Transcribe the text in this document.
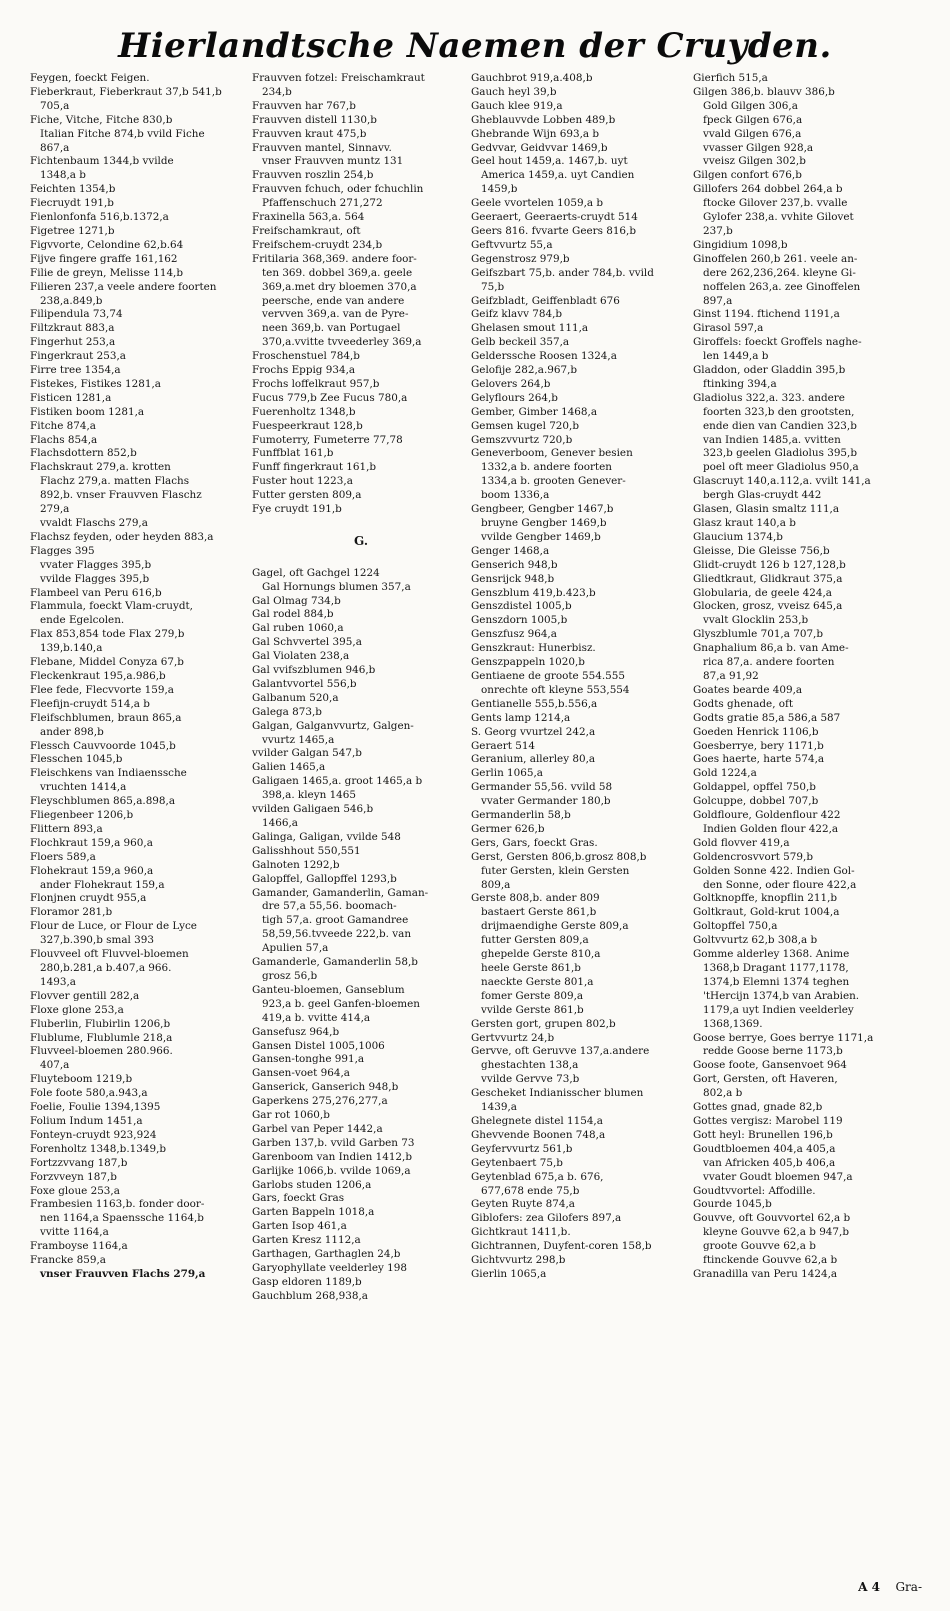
Hierlandtsche Naemen der Cruyden.
Feygen, foeckt Feigen.
Fieberkraut, Fieberkraut 37,b 541,b
705,a
Fiche, Vitche, Fitche 830,b
Italian Fitche 874,b vvild Fiche
867,a
Fichtenbaum 1344,b vvilde
1348,a b
Feichten 1354,b
Fiecruydt 191,b
Fienlonfonfa 516,b.1372,a
Figetree 1271,b
Figvvorte, Celondine 62,b.64
Fijve fingere graffe 161,162
Filie de greyn, Melisse 114,b
Filieren 237,a veele andere foorten
238,a.849,b
Filipendula 73,74
Filtzkraut 883,a
Fingerhut 253,a
Fingerkraut 253,a
Firre tree 1354,a
Fistekes, Fistikes 1281,a
Fisticen 1281,a
Fistiken boom 1281,a
Fitche 874,a
Flachs 854,a
Flachsdottern 852,b
Flachskraut 279,a. krotten
Flachz 279,a. matten Flachs
892,b. vnser Frauvven Flaschz
279,a
vvaldt Flaschs 279,a
Flachsz feyden, oder heyden 883,a
Flagges 395
vvater Flagges 395,b
vvilde Flagges 395,b
Flambeel van Peru 616,b
Flammula, foeckt Vlam-cruydt,
ende Egelcolen.
Flax 853,854 tode Flax 279,b
139,b.140,a
Flebane, Middel Conyza 67,b
Fleckenkraut 195,a.986,b
Flee fede, Flecvvorte 159,a
Fleefijn-cruydt 514,a b
Fleifschblumen, braun 865,a
ander 898,b
Flessch Cauvvoorde 1045,b
Flesschen 1045,b
Fleischkens van Indiaenssche
vruchten 1414,a
Fleyschblumen 865,a.898,a
Fliegenbeer 1206,b
Flittern 893,a
Flochkraut 159,a 960,a
Floers 589,a
Flohekraut 159,a 960,a
ander Flohekraut 159,a
Flonjnen cruydt 955,a
Floramor 281,b
Flour de Luce, or Flour de Lyce
327,b.390,b smal 393
Flouvveel oft Fluvvel-bloemen
280,b.281,a b.407,a 966.
1493,a
Flovver gentill 282,a
Floxe glone 253,a
Fluberlin, Flubirlin 1206,b
Flublume, Flublumle 218,a
Fluvveel-bloemen 280.966.
407,a
Fluyteboom 1219,b
Fole foote 580,a.943,a
Foelie, Foulie 1394,1395
Folium Indum 1451,a
Fonteyn-cruydt 923,924
Forenholtz 1348,b.1349,b
Fortzzvvang 187,b
Forzvveyn 187,b
Foxe gloue 253,a
Frambesien 1163,b. fonder door-
nen 1164,a Spaenssche 1164,b
vvitte 1164,a
Framboyse 1164,a
Francke 859,a
vnser Frauvven Flachs 279,a
Frauvven fotzel: Freischamkraut
234,b
Frauvven har 767,b
Frauvven distell 1130,b
Frauvven kraut 475,b
Frauvven mantel, Sinnavv.
vnser Frauvven muntz 131
Frauvven roszlin 254,b
Frauvven fchuch, oder fchuchlin
Pfaffenschuch 271,272
Fraxinella 563,a. 564
Freifschamkraut, oft
Freifschem-cruydt 234,b
Fritilaria 368,369. andere foor-
ten 369. dobbel 369,a. geele
369,a.met dry bloemen 370,a
peersche, ende van andere
vervven 369,a. van de Pyre-
neen 369,b. van Portugael
370,a.vvitte tvveederley 369,a
Froschenstuel 784,b
Frochs Eppig 934,a
Frochs loffelkraut 957,b
Fucus 779,b Zee Fucus 780,a
Fuerenholtz 1348,b
Fuespeerkraut 128,b
Fumoterry, Fumeterre 77,78
Funffblat 161,b
Funff fingerkraut 161,b
Fuster hout 1223,a
Futter gersten 809,a
Fye cruydt 191,b
G.
Gagel, oft Gachgel 1224
Gal Hornungs blumen 357,a
Gal Olmag 734,b
Gal rodel 884,b
Gal ruben 1060,a
Gal Schvvertel 395,a
Gal Violaten 238,a
Gal vvifszblumen 946,b
Galantvvortel 556,b
Galbanum 520,a
Galega 873,b
Galgan, Galganvvurtz, Galgen-
vvurtz 1465,a
vvilder Galgan 547,b
Galien 1465,a
Galigaen 1465,a. groot 1465,a b
398,a. kleyn 1465
vvilden Galigaen 546,b
1466,a
Galinga, Galigan, vvilde 548
Galisshhout 550,551
Galnoten 1292,b
Galopffel, Gallopffel 1293,b
Gamander, Gamanderlin, Gaman-
dre 57,a 55,56. boomach-
tigh 57,a. groot Gamandree
58,59,56.tvveede 222,b. van
Apulien 57,a
Gamanderle, Gamanderlin 58,b
grosz 56,b
Ganteu-bloemen, Ganseblum
923,a b. geel Ganfen-bloemen
419,a b. vvitte 414,a
Gansefusz 964,b
Gansen Distel 1005,1006
Gansen-tonghe 991,a
Gansen-voet 964,a
Ganserick, Ganserich 948,b
Gaperkens 275,276,277,a
Gar rot 1060,b
Garbel van Peper 1442,a
Garben 137,b. vvild Garben 73
Garenboom van Indien 1412,b
Garlijke 1066,b. vvilde 1069,a
Garlobs studen 1206,a
Gars, foeckt Gras
Garten Bappeln 1018,a
Garten Isop 461,a
Garten Kresz 1112,a
Garthagen, Garthaglen 24,b
Garyophyllate veelderley 198
Gasp eldoren 1189,b
Gauchblum 268,938,a
Gauchbrot 919,a.408,b
Gauch heyl 39,b
Gauch klee 919,a
Gheblauvvde Lobben 489,b
Ghebrande Wijn 693,a b
Gedvvar, Geidvvar 1469,b
Geel hout 1459,a. 1467,b. uyt
America 1459,a. uyt Candien
1459,b
Geele vvortelen 1059,a b
Geeraert, Geeraerts-cruydt 514
Geers 816. fvvarte Geers 816,b
Geftvvurtz 55,a
Gegenstrosz 979,b
Geifszbart 75,b. ander 784,b. vvild
75,b
Geifzbladt, Geiffenbladt 676
Geifz klavv 784,b
Ghelasen smout 111,a
Gelb beckeil 357,a
Gelderssche Roosen 1324,a
Gelofije 282,a.967,b
Gelovers 264,b
Gelyflours 264,b
Gember, Gimber 1468,a
Gemsen kugel 720,b
Gemszvvurtz 720,b
Geneverboom, Genever besien
1332,a b. andere foorten
1334,a b. grooten Genever-
boom 1336,a
Gengbeer, Gengber 1467,b
bruyne Gengber 1469,b
vvilde Gengber 1469,b
Genger 1468,a
Genserich 948,b
Gensrijck 948,b
Genszblum 419,b.423,b
Genszdistel 1005,b
Genszdorn 1005,b
Genszfusz 964,a
Genszkraut: Hunerbisz.
Genszpappeln 1020,b
Gentiaene de groote 554.555
onrechte oft kleyne 553,554
Gentianelle 555,b.556,a
Gents lamp 1214,a
S. Georg vvurtzel 242,a
Geraert 514
Geranium, allerley 80,a
Gerlin 1065,a
Germander 55,56. vvild 58
vvater Germander 180,b
Germanderlin 58,b
Germer 626,b
Gers, Gars, foeckt Gras.
Gerst, Gersten 806,b.grosz 808,b
futer Gersten, klein Gersten
809,a
Gerste 808,b. ander 809
bastaert Gerste 861,b
drijmaendighe Gerste 809,a
futter Gersten 809,a
ghepelde Gerste 810,a
heele Gerste 861,b
naeckte Gerste 801,a
fomer Gerste 809,a
vvilde Gerste 861,b
Gersten gort, grupen 802,b
Gertvvurtz 24,b
Gervve, oft Geruvve 137,a.andere
ghestachten 138,a
vvilde Gervve 73,b
Gescheket Indianisscher blumen
1439,a
Ghelegnete distel 1154,a
Ghevvende Boonen 748,a
Geyfervvurtz 561,b
Geytenbaert 75,b
Geytenblad 675,a b. 676,
677,678 ende 75,b
Geyten Ruyte 874,a
Giblofers: zea Gilofers 897,a
Gichtkraut 1411,b.
Gichtrannen, Duyfent-coren 158,b
Gichtvvurtz 298,b
Gierlin 1065,a
Gierfich 515,a
Gilgen 386,b. blauvv 386,b
Gold Gilgen 306,a
fpeck Gilgen 676,a
vvald Gilgen 676,a
vvasser Gilgen 928,a
vveisz Gilgen 302,b
Gilgen confort 676,b
Gillofers 264 dobbel 264,a b
ftocke Gilover 237,b. vvalle
Gylofer 238,a. vvhite Gilovet
237,b
Gingidium 1098,b
Ginoffelen 260,b 261. veele an-
dere 262,236,264. kleyne Gi-
noffelen 263,a. zee Ginoffelen
897,a
Ginst 1194. ftichend 1191,a
Girasol 597,a
Giroffels: foeckt Groffels naghe-
len 1449,a b
Gladdon, oder Gladdin 395,b
ftinking 394,a
Gladiolus 322,a. 323. andere
foorten 323,b den grootsten,
ende dien van Candien 323,b
van Indien 1485,a. vvitten
323,b geelen Gladiolus 395,b
poel oft meer Gladiolus 950,a
Glascruyt 140,a.112,a. vvilt 141,a
bergh Glas-cruydt 442
Glasen, Glasin smaltz 111,a
Glasz kraut 140,a b
Glaucium 1374,b
Gleisse, Die Gleisse 756,b
Glidt-cruydt 126 b 127,128,b
Gliedtkraut, Glidkraut 375,a
Globularia, de geele 424,a
Glocken, grosz, vveisz 645,a
vvalt Glocklin 253,b
Glyszblumle 701,a 707,b
Gnaphalium 86,a b. van Ame-
rica 87,a. andere foorten
87,a 91,92
Goates bearde 409,a
Godts ghenade, oft
Godts gratie 85,a 586,a 587
Goeden Henrick 1106,b
Goesberrye, bery 1171,b
Goes haerte, harte 574,a
Gold 1224,a
Goldappel, opffel 750,b
Golcuppe, dobbel 707,b
Goldfloure, Goldenflour 422
Indien Golden flour 422,a
Gold flovver 419,a
Goldencrosvvort 579,b
Golden Sonne 422. Indien Gol-
den Sonne, oder floure 422,a
Goltknopffe, knopflin 211,b
Goltkraut, Gold-krut 1004,a
Goltopffel 750,a
Goltvvurtz 62,b 308,a b
Gomme alderley 1368. Anime
1368,b Dragant 1177,1178,
1374,b Elemni 1374 teghen
'tHercijn 1374,b van Arabien.
1179,a uyt Indien veelderley
1368,1369.
Goose berrye, Goes berrye 1171,a
redde Goose berne 1173,b
Goose foote, Gansenvoet 964
Gort, Gersten, oft Haveren,
802,a b
Gottes gnad, gnade 82,b
Gottes vergisz: Marobel 119
Gott heyl: Brunellen 196,b
Goudtbloemen 404,a 405,a
van Africken 405,b 406,a
vvater Goudt bloemen 947,a
Goudtvvortel: Affodille.
Gourde 1045,b
Gouvve, oft Gouvvortel 62,a b
kleyne Gouvve 62,a b 947,b
groote Gouvve 62,a b
ftinckende Gouvve 62,a b
Granadilla van Peru 1424,a
A 4 Gra-
